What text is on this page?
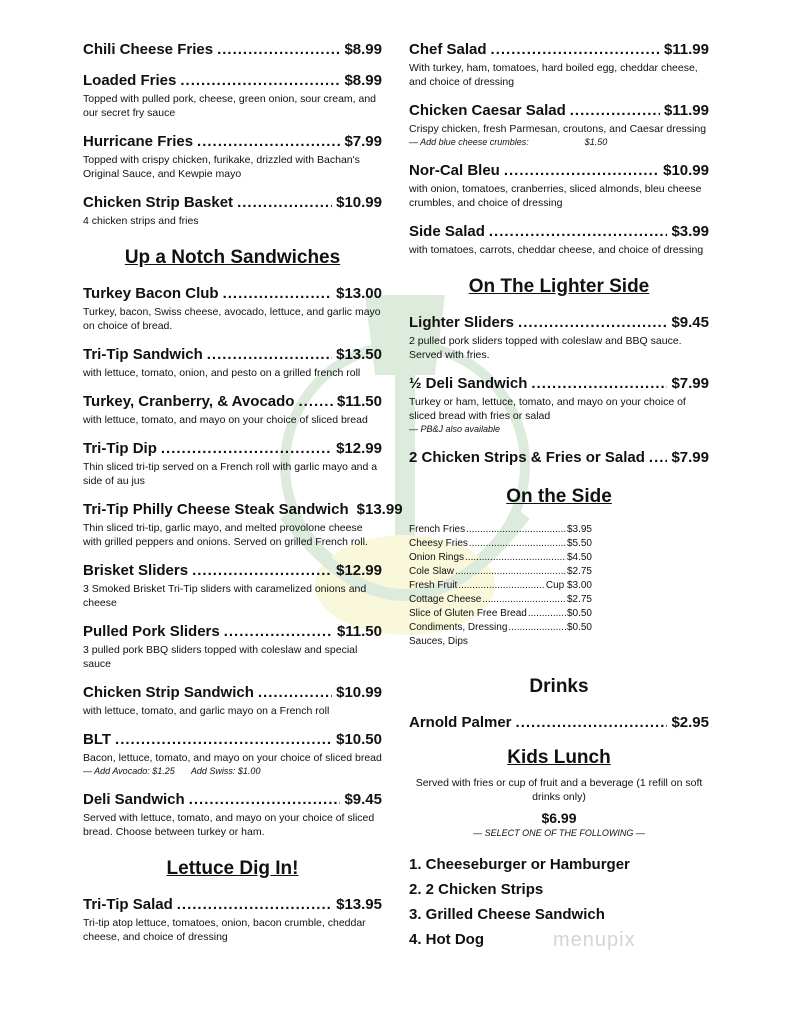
Chili Cheese Fries .....	$8.99
Loaded Fries .....	$8.99
Topped with pulled pork, cheese, green onion, sour cream, and our secret fry sauce
Hurricane Fries .....	$7.99
Topped with crispy chicken, furikake, drizzled with Bachan's Original Sauce, and Kewpie mayo
Chicken Strip Basket .....	$10.99
4 chicken strips and fries
Up a Notch Sandwiches
Turkey Bacon Club .....	$13.00
Turkey, bacon, Swiss cheese, avocado, lettuce, and garlic mayo on choice of bread.
Tri-Tip Sandwich .....	$13.50
with lettuce, tomato, onion, and pesto on a grilled french roll
Turkey, Cranberry, & Avocado .....	$11.50
with lettuce, tomato, and mayo on your choice of sliced bread
Tri-Tip Dip .....	$12.99
Thin sliced tri-tip served on a French roll with garlic mayo and a side of au jus
Tri-Tip Philly Cheese Steak Sandwich $13.99
Thin sliced tri-tip, garlic mayo, and melted provolone cheese with grilled peppers and onions. Served on grilled French roll.
Brisket Sliders .....	$12.99
3 Smoked Brisket Tri-Tip sliders with caramelized onions and cheese
Pulled Pork Sliders .....	$11.50
3 pulled pork BBQ sliders topped with coleslaw and special sauce
Chicken Strip Sandwich .....	$10.99
with lettuce, tomato, and garlic mayo on a French roll
BLT .....	$10.50
Bacon, lettuce, tomato, and mayo on your choice of sliced bread
— Add Avocado: $1.25 Add Swiss: $1.00
Deli Sandwich .....	$9.45
Served with lettuce, tomato, and mayo on your choice of sliced bread. Choose between turkey or ham.
Lettuce Dig In!
Tri-Tip Salad .....	$13.95
Tri-tip atop lettuce, tomatoes, onion, bacon crumble, cheddar cheese, and choice of dressing
Chef Salad .....	$11.99
With turkey, ham, tomatoes, hard boiled egg, cheddar cheese, and choice of dressing
Chicken Caesar Salad .....	$11.99
Crispy chicken, fresh Parmesan, croutons, and Caesar dressing
— Add blue cheese crumbles:	$1.50
Nor-Cal Bleu .....	$10.99
with onion, tomatoes, cranberries, sliced almonds, bleu cheese crumbles, and choice of dressing
Side Salad .....	$3.99
with tomatoes, carrots, cheddar cheese, and choice of dressing
On The Lighter Side
Lighter Sliders .....	$9.45
2 pulled pork sliders topped with coleslaw and BBQ sauce. Served with fries.
½ Deli Sandwich .....	$7.99
Turkey or ham, lettuce, tomato, and mayo on your choice of sliced bread with fries or salad
— PB&J also available
2 Chicken Strips & Fries or Salad ..... $7.99
On the Side
French Fries .....	$3.95
Cheesy Fries .....	$5.50
Onion Rings .....	$4.50
Cole Slaw .....	$2.75
Fresh Fruit .....	Cup $3.00
Cottage Cheese .....	$2.75
Slice of Gluten Free Bread .....	$0.50
Condiments, Dressing .....	$0.50
Sauces, Dips
Drinks
Arnold Palmer .....	$2.95
Kids Lunch
Served with fries or cup of fruit and a beverage (1 refill on soft drinks only)
$6.99
— SELECT ONE OF THE FOLLOWING —
1. Cheeseburger or Hamburger
2. 2 Chicken Strips
3. Grilled Cheese Sandwich
4. Hot Dog	menupix
